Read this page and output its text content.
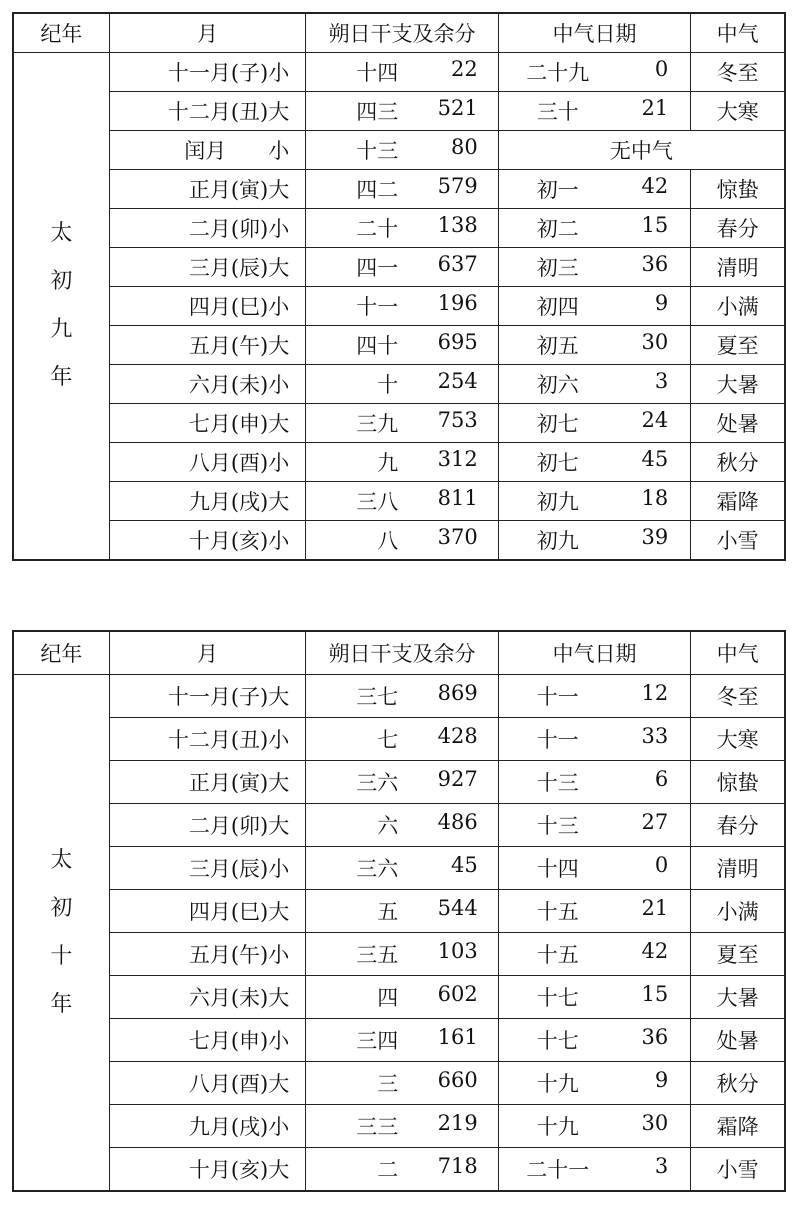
纪年	月	朔日干支及余分	中气日期	中气

太
初
九
年	十一月(子)小	十四 22	二十九 0	冬至
	十二月(丑)大	四三 521	三十 21	大寒
	闰月　　小	十三 80	无中气	
	正月(寅)大	四二 579	初一 42	惊蛰
	二月(卯)小	二十 138	初二 15	春分
	三月(辰)大	四一 637	初三 36	清明
	四月(巳)小	十一 196	初四 9	小满
	五月(午)大	四十 695	初五 30	夏至
	六月(未)小	十 254	初六 3	大暑
	七月(申)大	三九 753	初七 24	处暑
	八月(酉)小	九 312	初七 45	秋分
	九月(戌)大	三八 811	初九 18	霜降
	十月(亥)小	八 370	初九 39	小雪
纪年	月	朔日干支及余分	中气日期	中气

太
初
十
年	十一月(子)大	三七 869	十一 12	冬至
	十二月(丑)小	七 428	十一 33	大寒
	正月(寅)大	三六 927	十三 6	惊蛰
	二月(卯)大	六 486	十三 27	春分
	三月(辰)小	三六 45	十四 0	清明
	四月(巳)大	五 544	十五 21	小满
	五月(午)小	三五 103	十五 42	夏至
	六月(未)大	四 602	十七 15	大暑
	七月(申)小	三四 161	十七 36	处暑
	八月(酉)大	三 660	十九 9	秋分
	九月(戌)小	三三 219	十九 30	霜降
	十月(亥)大	二 718	二十一 3	小雪
